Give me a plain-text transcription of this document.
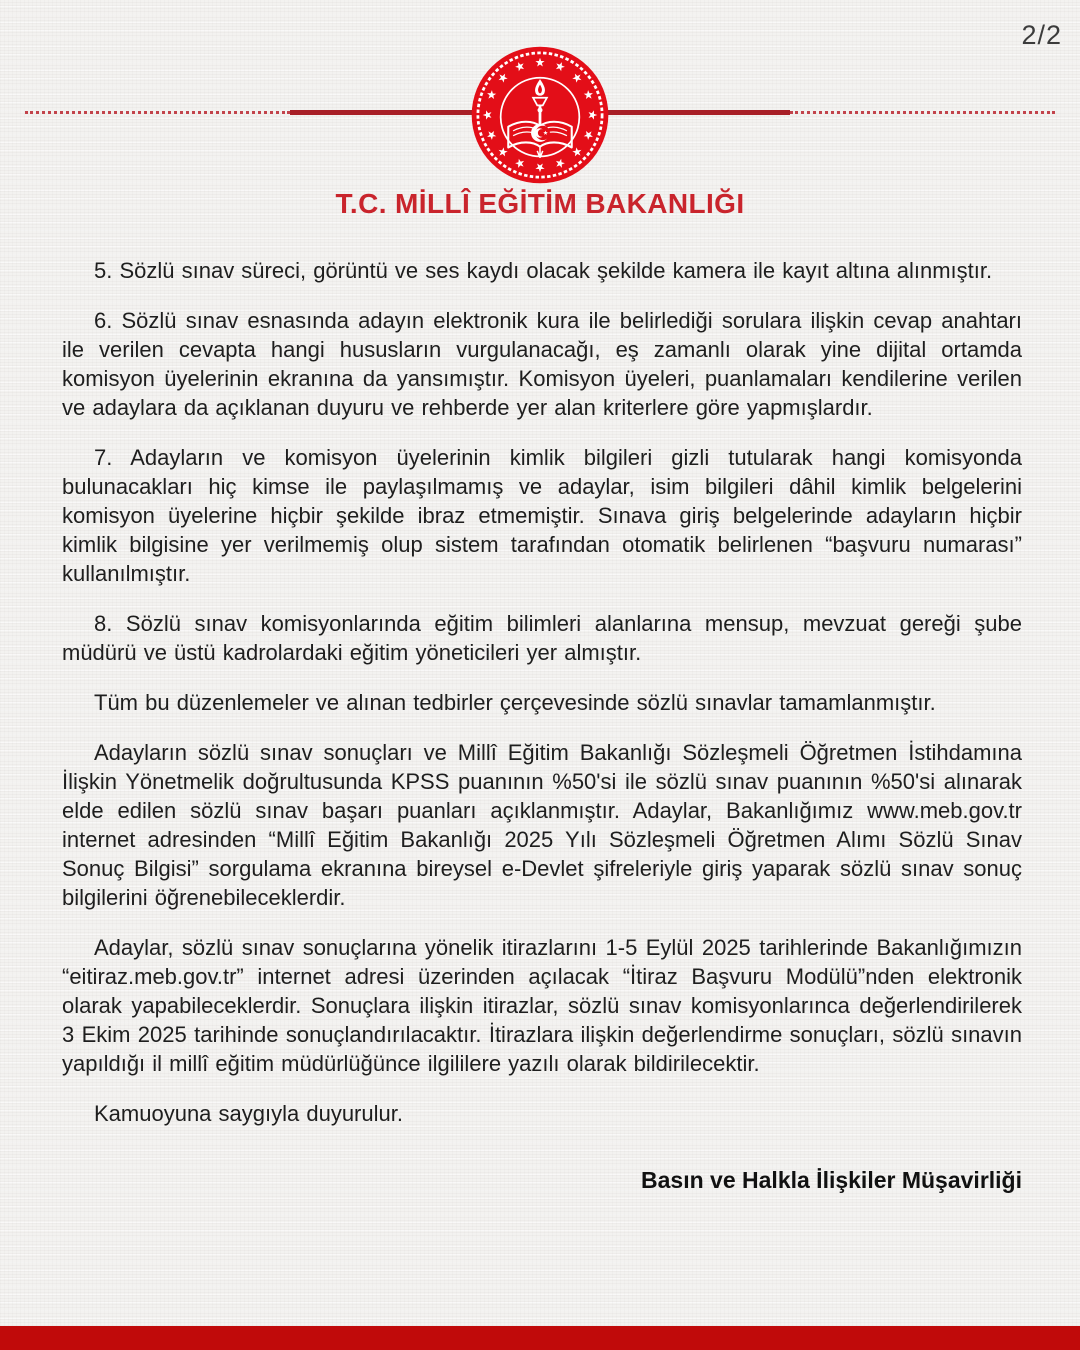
2/2
T.C. MİLLÎ EĞİTİM BAKANLIĞI

5. Sözlü sınav süreci, görüntü ve ses kaydı olacak şekilde kamera ile kayıt altına alınmıştır.

6. Sözlü sınav esnasında adayın elektronik kura ile belirlediği sorulara ilişkin cevap anahtarı ile verilen cevapta hangi hususların vurgulanacağı, eş zamanlı olarak yine dijital ortamda komisyon üyelerinin ekranına da yansımıştır. Komisyon üyeleri, puanlamaları kendilerine verilen ve adaylara da açıklanan duyuru ve rehberde yer alan kriterlere göre yapmışlardır.

7. Adayların ve komisyon üyelerinin kimlik bilgileri gizli tutularak hangi komisyonda bulunacakları hiç kimse ile paylaşılmamış ve adaylar, isim bilgileri dâhil kimlik belgelerini komisyon üyelerine hiçbir şekilde ibraz etmemiştir. Sınava giriş belgelerinde adayların hiçbir kimlik bilgisine yer verilmemiş olup sistem tarafından otomatik belirlenen “başvuru numarası” kullanılmıştır.

8. Sözlü sınav komisyonlarında eğitim bilimleri alanlarına mensup, mevzuat gereği şube müdürü ve üstü kadrolardaki eğitim yöneticileri yer almıştır.

Tüm bu düzenlemeler ve alınan tedbirler çerçevesinde sözlü sınavlar tamamlanmıştır.

Adayların sözlü sınav sonuçları ve Millî Eğitim Bakanlığı Sözleşmeli Öğretmen İstihdamına İlişkin Yönetmelik doğrultusunda KPSS puanının %50'si ile sözlü sınav puanının %50'si alınarak elde edilen sözlü sınav başarı puanları açıklanmıştır. Adaylar, Bakanlığımız www.meb.gov.tr internet adresinden “Millî Eğitim Bakanlığı 2025 Yılı Sözleşmeli Öğretmen Alımı Sözlü Sınav Sonuç Bilgisi” sorgulama ekranına bireysel e-Devlet şifreleriyle giriş yaparak sözlü sınav sonuç bilgilerini öğrenebileceklerdir.

Adaylar, sözlü sınav sonuçlarına yönelik itirazlarını 1-5 Eylül 2025 tarihlerinde Bakanlığımızın “eitiraz.meb.gov.tr” internet adresi üzerinden açılacak “İtiraz Başvuru Modülü”nden elektronik olarak yapabileceklerdir. Sonuçlara ilişkin itirazlar, sözlü sınav komisyonlarınca değerlendirilerek 3 Ekim 2025 tarihinde sonuçlandırılacaktır. İtirazlara ilişkin değerlendirme sonuçları, sözlü sınavın yapıldığı il millî eğitim müdürlüğünce ilgililere yazılı olarak bildirilecektir.

Kamuoyuna saygıyla duyurulur.

Basın ve Halkla İlişkiler Müşavirliği
